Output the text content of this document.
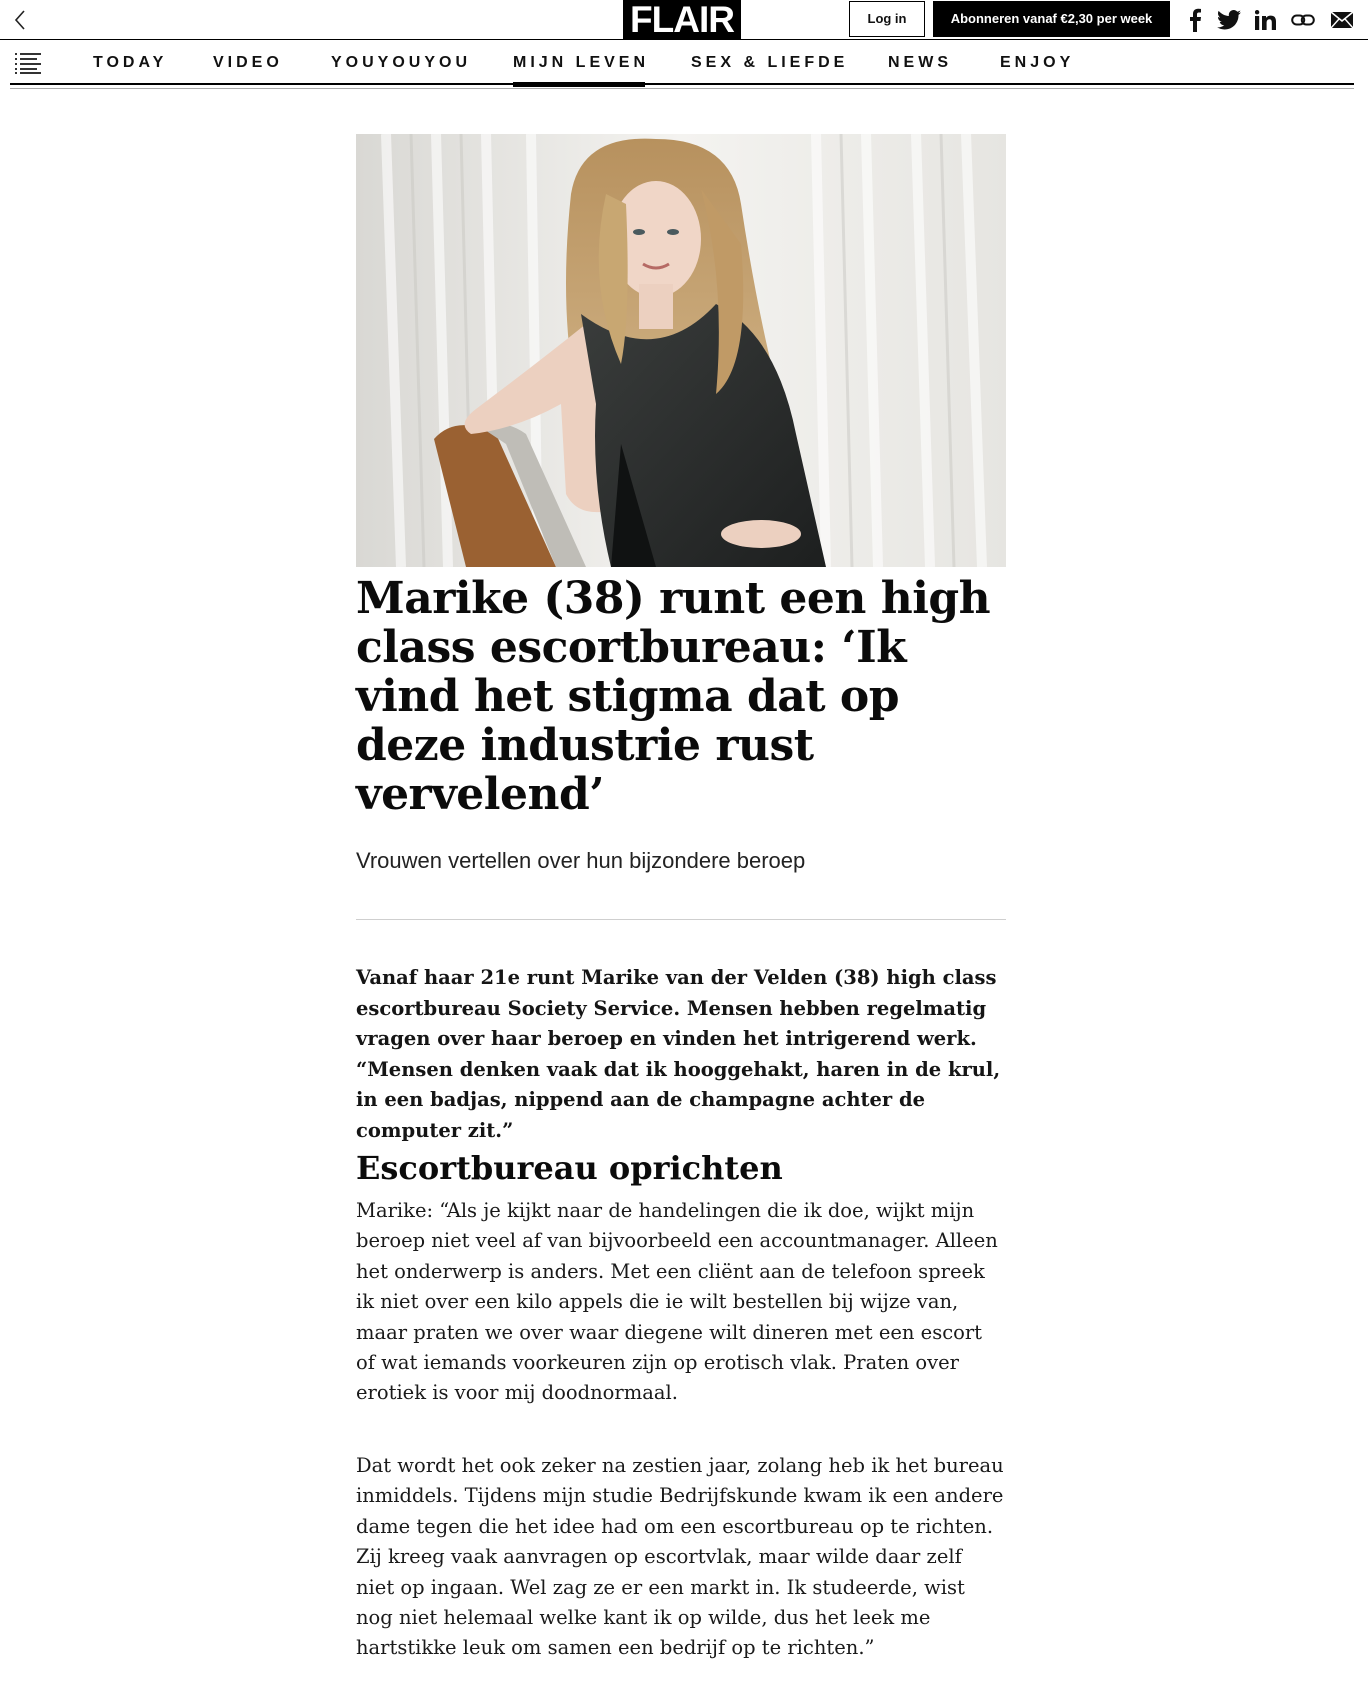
FLAIR	Log in	Abonneren vanaf €2,30 per week
TODAY	VIDEO	YOUYOUYOU	MIJN LEVEN	SEX & LIEFDE NEWS	ENJOY
Marike (38) runt een high class escortbureau: ‘Ik vind het stigma dat op deze industrie rust vervelend’

Vrouwen vertellen over hun bijzondere beroep

Vanaf haar 21e runt Marike van der Velden (38) high class escortbureau Society Service. Mensen hebben regelmatig vragen over haar beroep en vinden het intrigerend werk. “Mensen denken vaak dat ik hooggehakt, haren in de krul, in een badjas, nippend aan de champagne achter de computer zit.”

Escortbureau oprichten

Marike: “Als je kijkt naar de handelingen die ik doe, wijkt mijn beroep niet veel af van bijvoorbeeld een accountmanager. Alleen het onderwerp is anders. Met een cliënt aan de telefoon spreek ik niet over een kilo appels die ie wilt bestellen bij wijze van, maar praten we over waar diegene wilt dineren met een escort of wat iemands voorkeuren zijn op erotisch vlak. Praten over erotiek is voor mij doodnormaal.

Dat wordt het ook zeker na zestien jaar, zolang heb ik het bureau inmiddels. Tijdens mijn studie Bedrijfskunde kwam ik een andere dame tegen die het idee had om een escortbureau op te richten. Zij kreeg vaak aanvragen op escortvlak, maar wilde daar zelf niet op ingaan. Wel zag ze er een markt in. Ik studeerde, wist nog niet helemaal welke kant ik op wilde, dus het leek me hartstikke leuk om samen een bedrijf op te richten.”
